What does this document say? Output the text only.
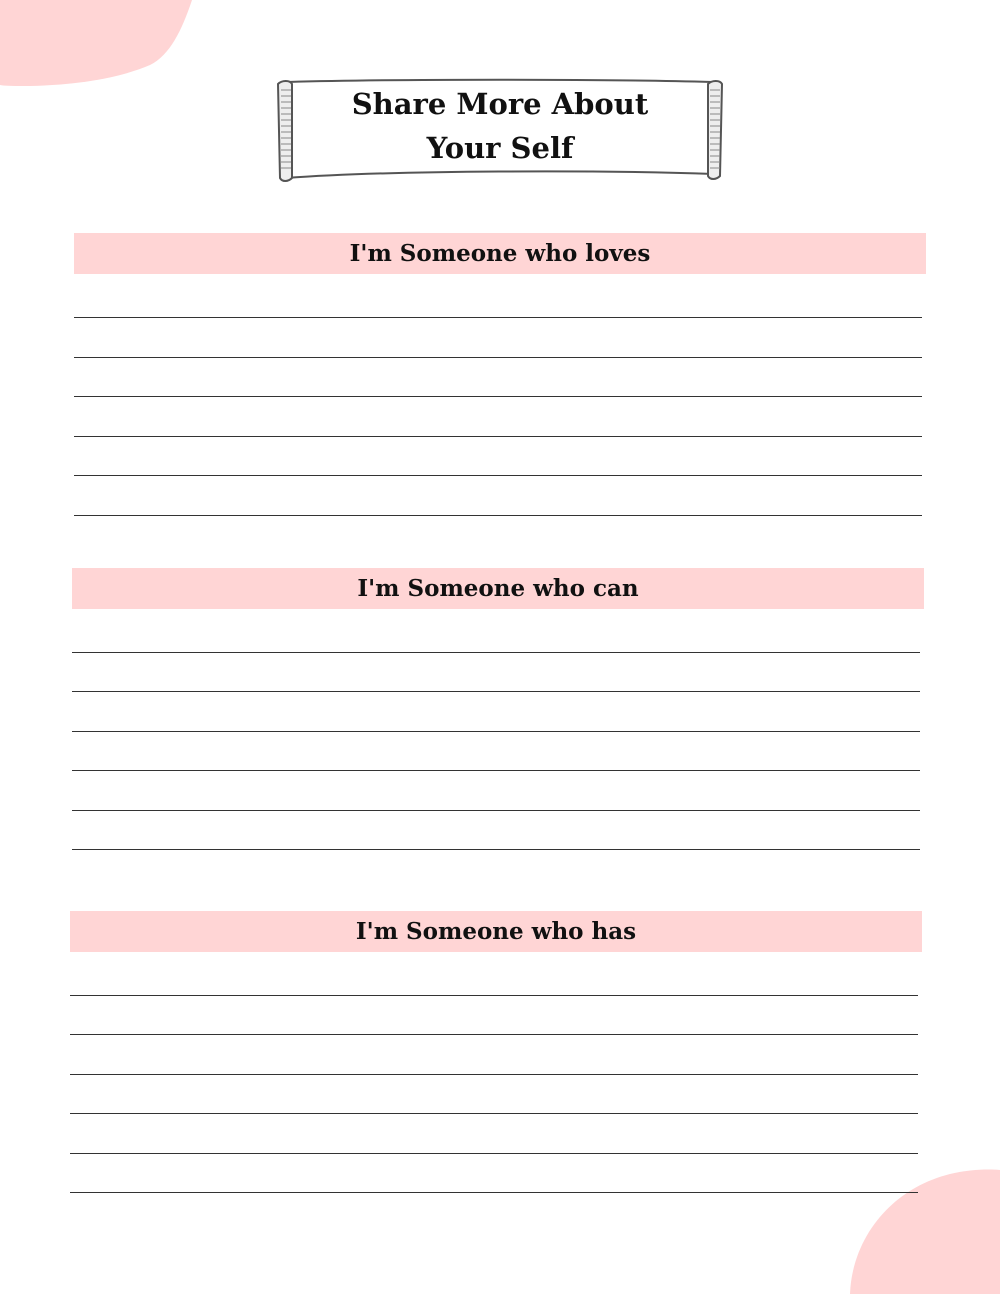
Share More About Your Self
I'm Someone who loves
I'm Someone who can
I'm Someone who has
